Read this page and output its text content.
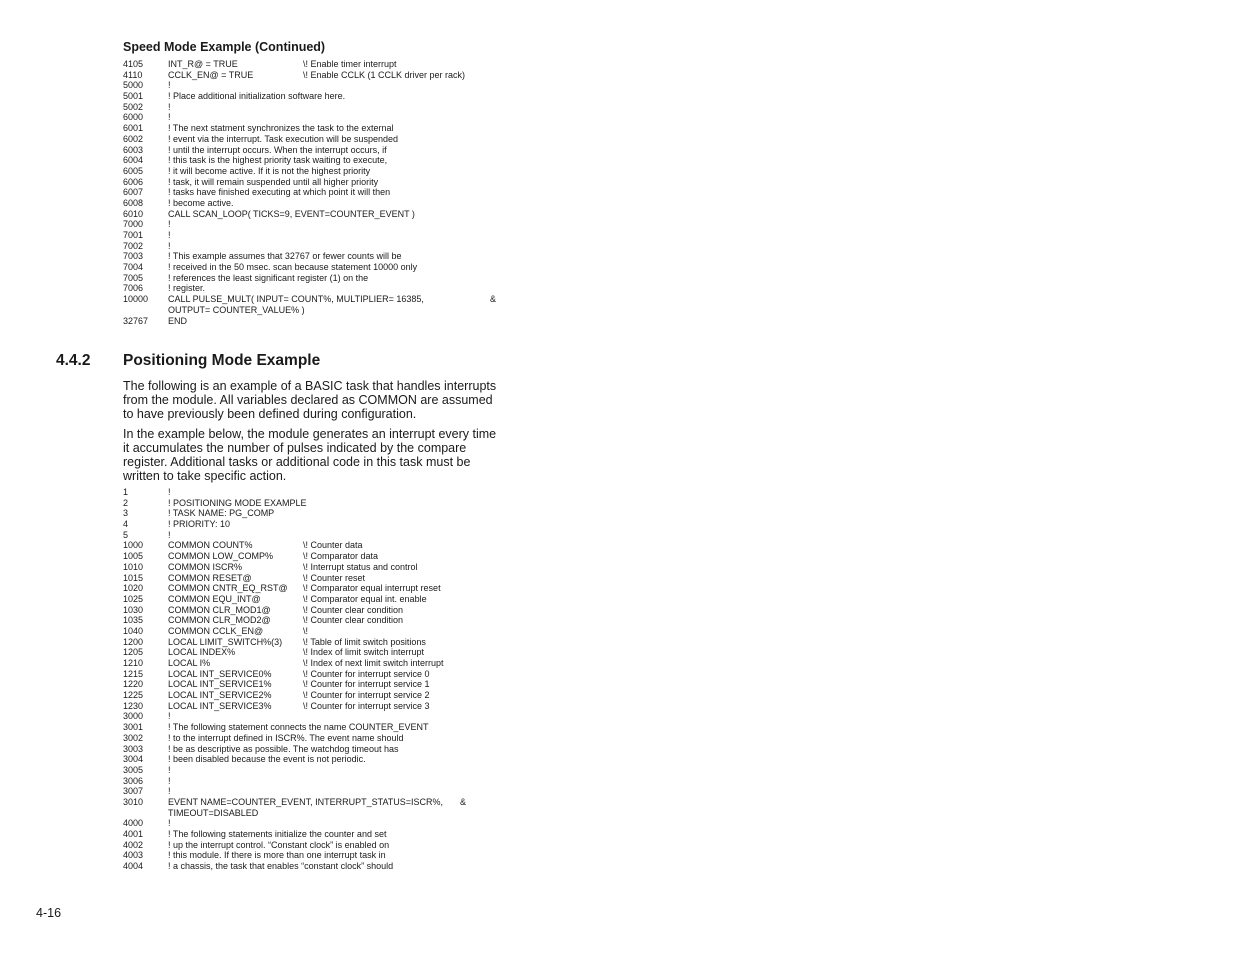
Speed Mode Example (Continued)
4105	INT_R@ = TRUE	\! Enable timer interrupt
4110	CCLK_EN@ = TRUE	\! Enable CCLK (1 CCLK driver per rack)
5000	!
5001	! Place additional initialization software here.
5002	!
6000	!
6001	! The next statment synchronizes the task to the external
6002	! event via the interrupt. Task execution will be suspended
6003	! until the interrupt occurs. When the interrupt occurs, if
6004	! this task is the highest priority task waiting to execute,
6005	! it will become active. If it is not the highest priority
6006	! task, it will remain suspended until all higher priority
6007	! tasks have finished executing at which point it will then
6008	! become active.
6010	CALL SCAN_LOOP( TICKS=9, EVENT=COUNTER_EVENT )
7000	!
7001	!
7002	!
7003	! This example assumes that 32767 or fewer counts will be
7004	! received in the 50 msec. scan because statement 10000 only
7005	! references the least significant register (1) on the
7006	! register.
10000 CALL PULSE_MULT( INPUT= COUNT%, MULTIPLIER= 16385,	&
OUTPUT= COUNTER_VALUE% )
32767 END
4.4.2 Positioning Mode Example
The following is an example of a BASIC task that handles interrupts from the module. All variables declared as COMMON are assumed to have previously been defined during configuration.
In the example below, the module generates an interrupt every time it accumulates the number of pulses indicated by the compare register. Additional tasks or additional code in this task must be written to take specific action.
1	!
2	! POSITIONING MODE EXAMPLE
3	! TASK NAME: PG_COMP
4	! PRIORITY: 10
5	!
1000	COMMON COUNT%	\! Counter data
1005	COMMON LOW_COMP%	\! Comparator data
1010	COMMON ISCR%	\! Interrupt status and control
1015	COMMON RESET@	\! Counter reset
1020	COMMON CNTR_EQ_RST@ \! Comparator equal interrupt reset
1025	COMMON EQU_INT@	\! Comparator equal int. enable
1030	COMMON CLR_MOD1@	\! Counter clear condition
1035	COMMON CLR_MOD2@	\! Counter clear condition
1040	COMMON CCLK_EN@	\!
1200	LOCAL LIMIT_SWITCH%(3) \! Table of limit switch positions
1205	LOCAL INDEX%	\! Index of limit switch interrupt
1210	LOCAL I%	\! Index of next limit switch interrupt
1215	LOCAL INT_SERVICE0%	\! Counter for interrupt service 0
1220	LOCAL INT_SERVICE1%	\! Counter for interrupt service 1
1225	LOCAL INT_SERVICE2%	\! Counter for interrupt service 2
1230	LOCAL INT_SERVICE3%	\! Counter for interrupt service 3
3000	!
3001	! The following statement connects the name COUNTER_EVENT
3002	! to the interrupt defined in ISCR%. The event name should
3003	! be as descriptive as possible. The watchdog timeout has
3004	! been disabled because the event is not periodic.
3005	!
3006	!
3007	!
3010	EVENT NAME=COUNTER_EVENT, INTERRUPT_STATUS=ISCR%, &
TIMEOUT=DISABLED
4000	!
4001	! The following statements initialize the counter and set
4002	! up the interrupt control. “Constant clock” is enabled on
4003	! this module. If there is more than one interrupt task in
4004	! a chassis, the task that enables “constant clock” should
4-16
